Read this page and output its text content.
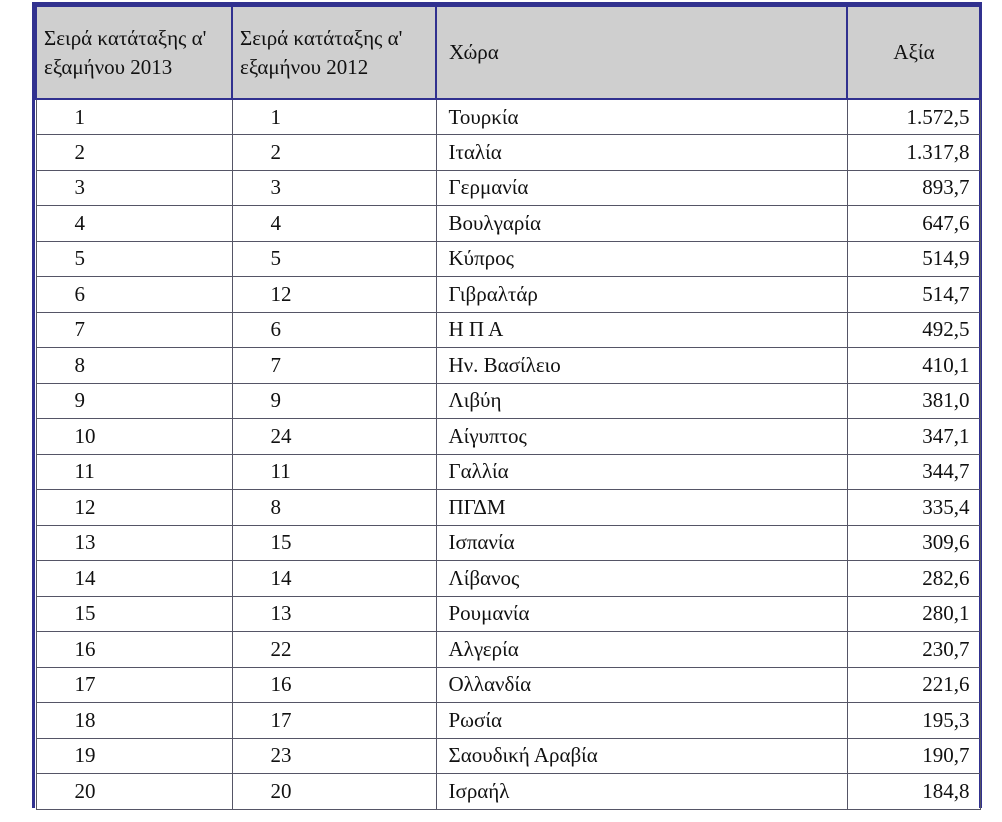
Σειρά κατάταξης α' εξαμήνου 2013	Σειρά κατάταξης α' εξαμήνου 2012	Χώρα	Αξία
1	1	Τουρκία	1.572,5
2	2	Ιταλία	1.317,8
3	3	Γερμανία	893,7
4	4	Βουλγαρία	647,6
5	5	Κύπρος	514,9
6	12	Γιβραλτάρ	514,7
7	6	Η Π Α	492,5
8	7	Ην. Βασίλειο	410,1
9	9	Λιβύη	381,0
10	24	Αίγυπτος	347,1
11	11	Γαλλία	344,7
12	8	ΠΓΔΜ	335,4
13	15	Ισπανία	309,6
14	14	Λίβανος	282,6
15	13	Ρουμανία	280,1
16	22	Αλγερία	230,7
17	16	Ολλανδία	221,6
18	17	Ρωσία	195,3
19	23	Σαουδική Αραβία	190,7
20	20	Ισραήλ	184,8
